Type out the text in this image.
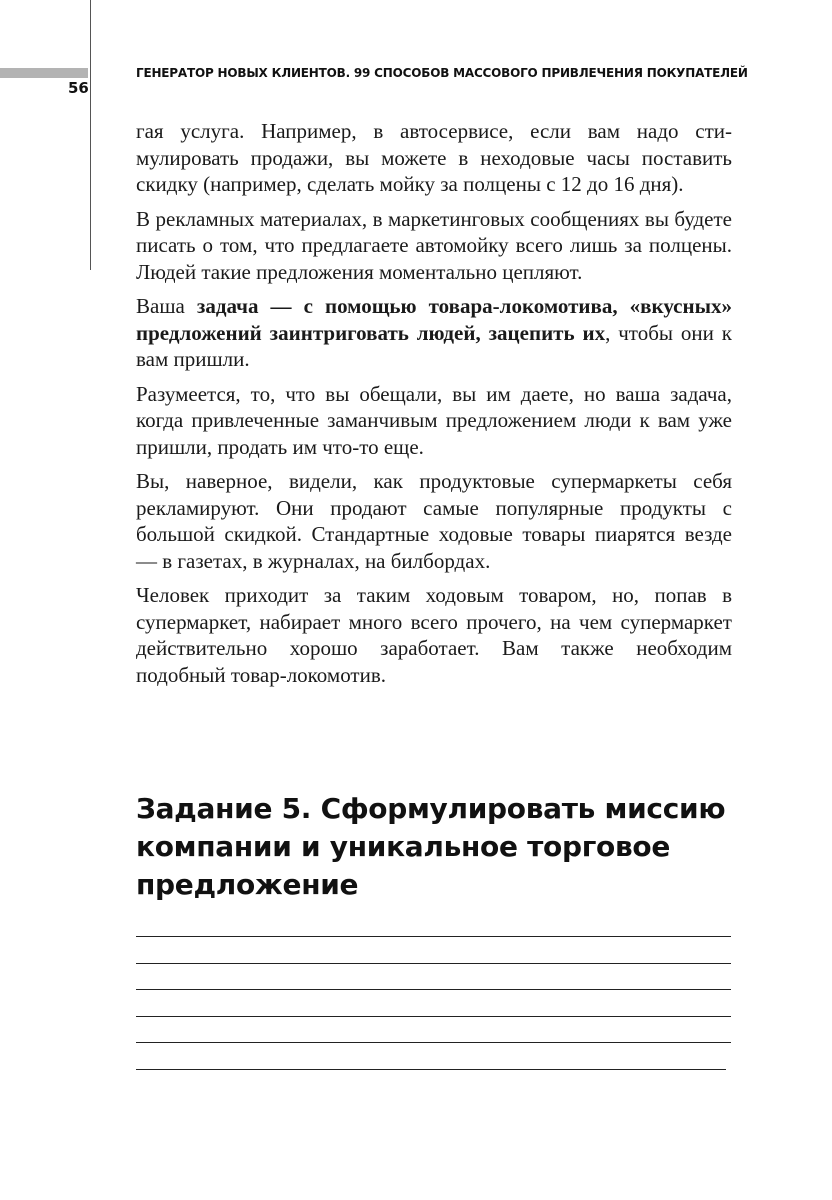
56
ГЕНЕРАТОР НОВЫХ КЛИЕНТОВ. 99 СПОСОБОВ МАССОВОГО ПРИВЛЕЧЕНИЯ ПОКУПАТЕЛЕЙ

гая услуга. Например, в автосервисе, если вам надо стимулировать продажи, вы можете в неходовые часы поставить скидку (например, сделать мойку за полцены с 12 до 16 дня).

В рекламных материалах, в маркетинговых сообщениях вы будете писать о том, что предлагаете автомойку всего лишь за полцены. Людей такие предложения моментально цепляют.

Ваша задача — с помощью товара-локомотива, «вкусных» предложений заинтриговать людей, зацепить их, чтобы они к вам пришли.

Разумеется, то, что вы обещали, вы им даете, но ваша задача, когда привлеченные заманчивым предложением люди к вам уже пришли, продать им что-то еще.

Вы, наверное, видели, как продуктовые супермаркеты себя рекламируют. Они продают самые популярные продукты с большой скидкой. Стандартные ходовые товары пиарятся везде — в газетах, в журналах, на билбордах.

Человек приходит за таким ходовым товаром, но, попав в супермаркет, набирает много всего прочего, на чем супермаркет действительно хорошо заработает. Вам также необходим подобный товар-локомотив.

Задание 5. Сформулировать миссию компании и уникальное торговое предложение
